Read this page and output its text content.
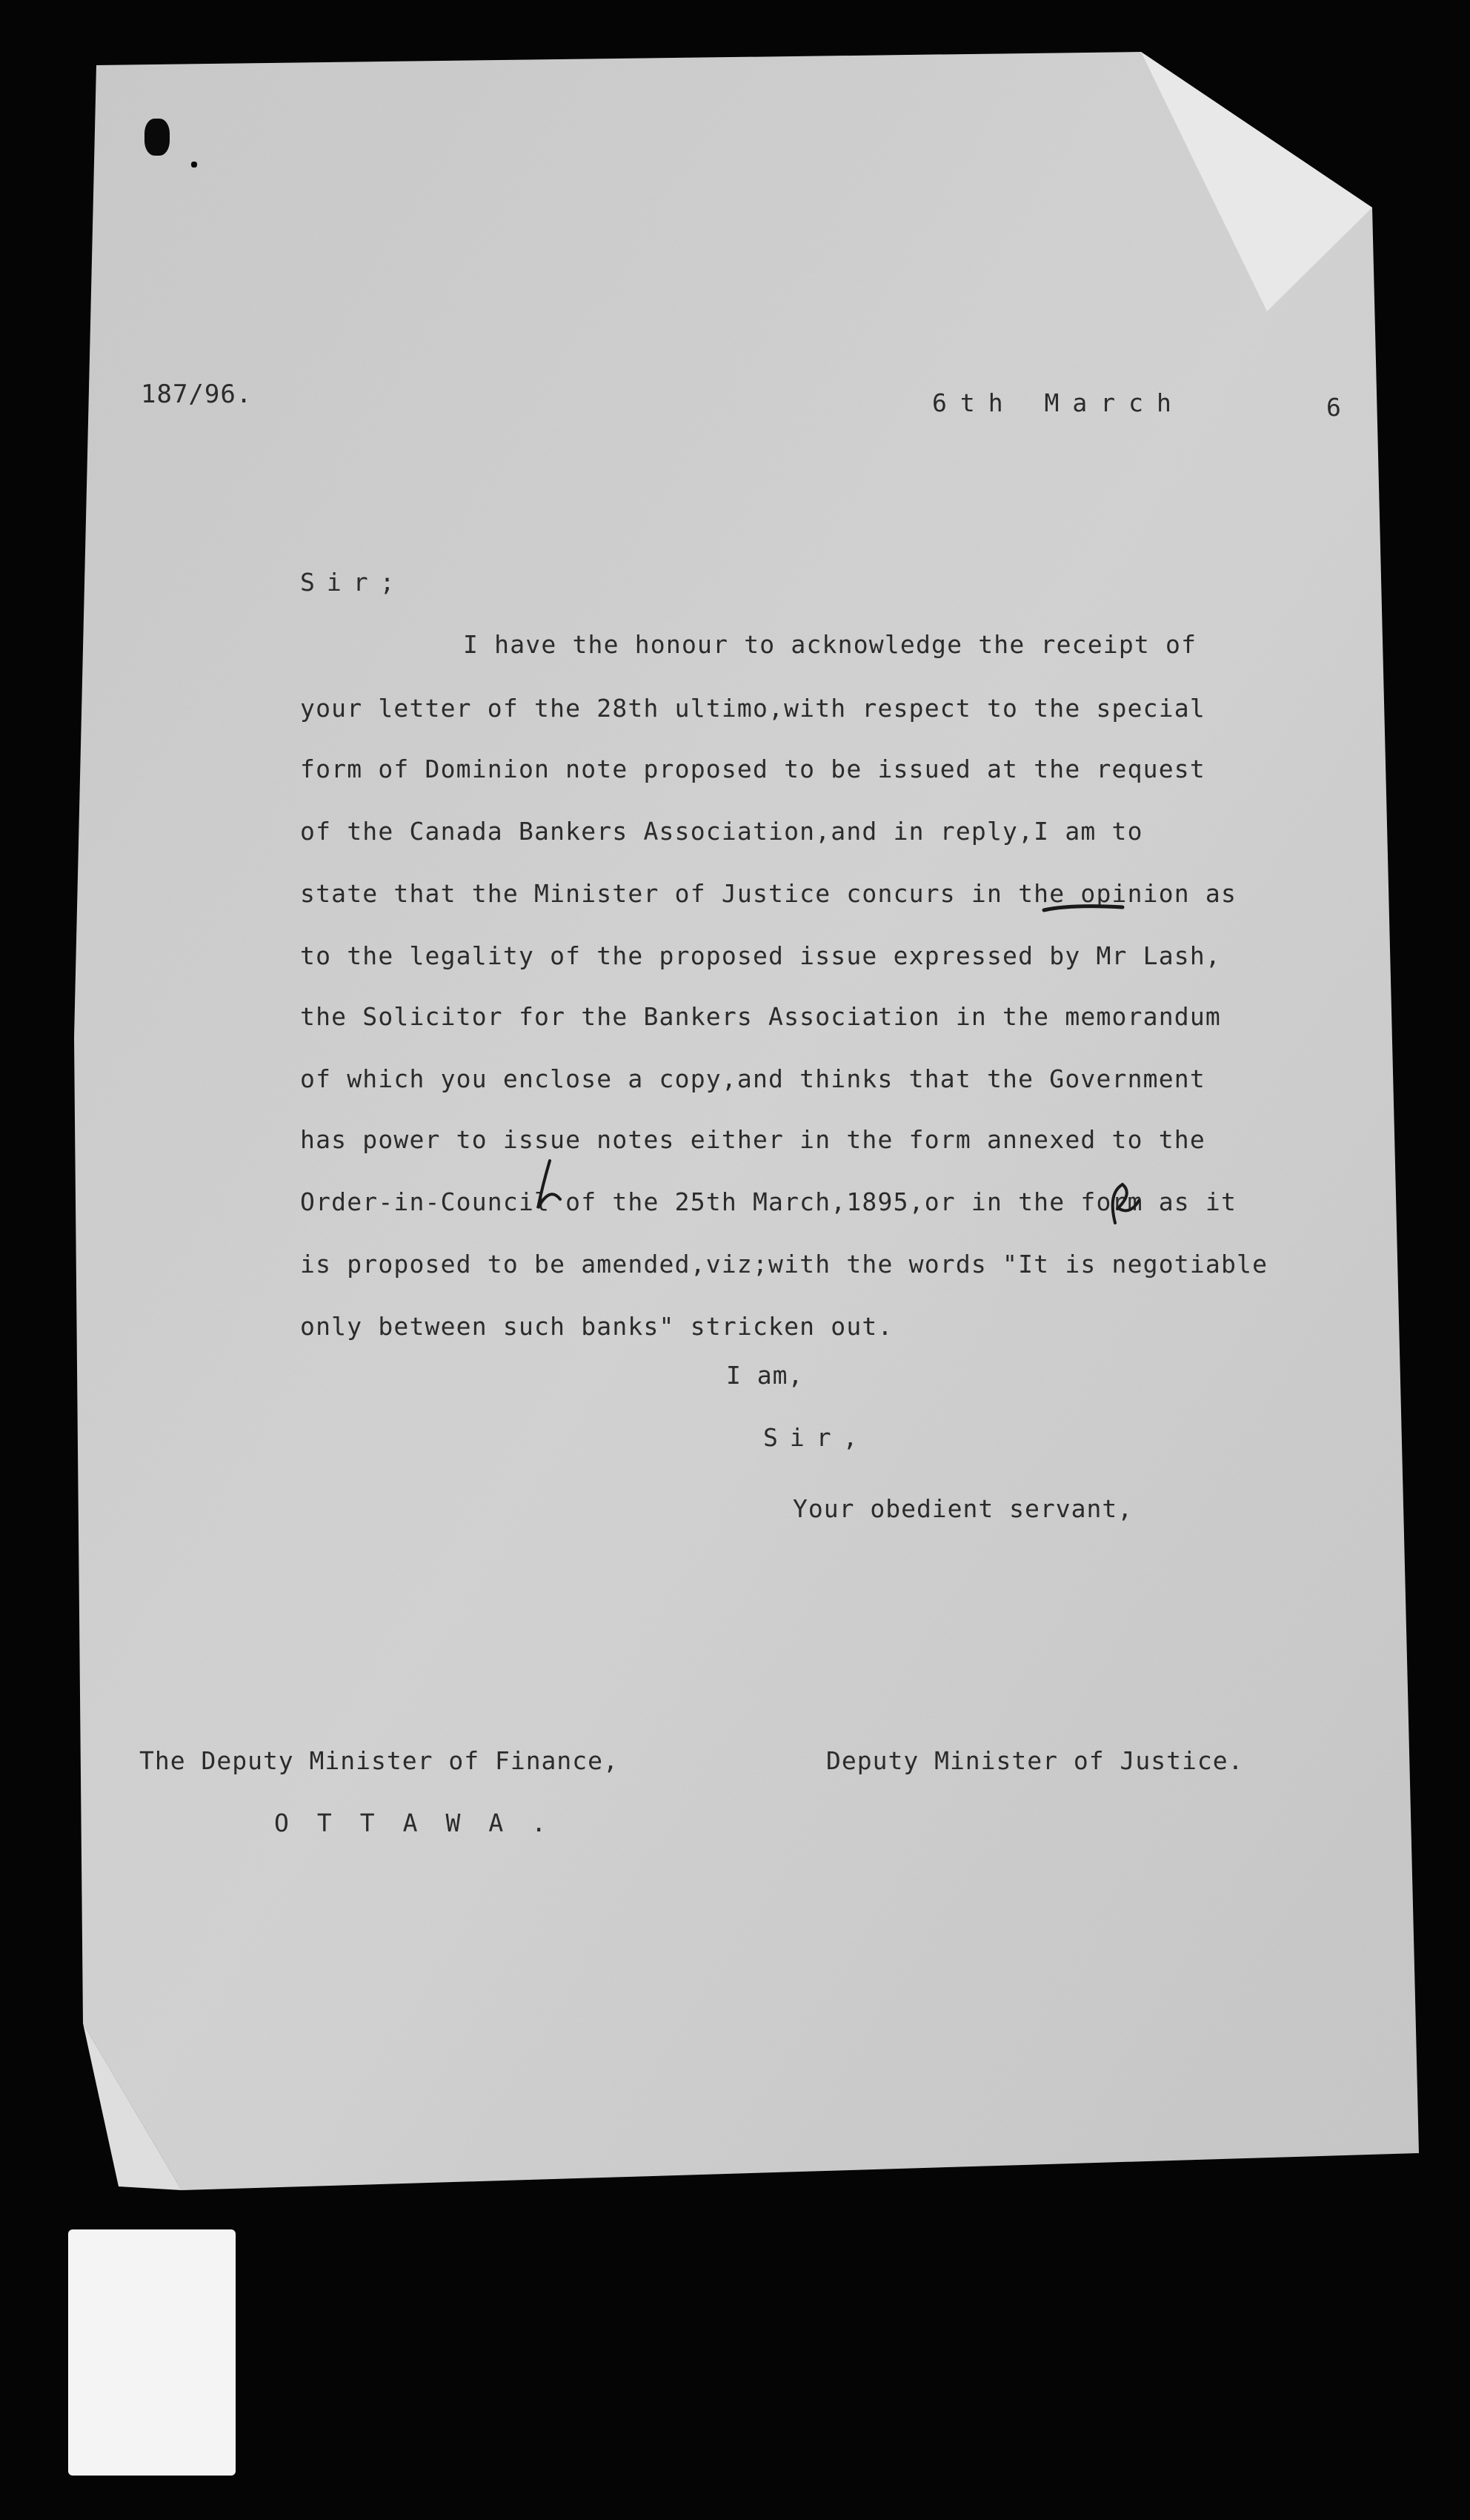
187/96.	6th March	6
Sir;
I have the honour to acknowledge the receipt of
your letter of the 28th ultimo,with respect to the special
form of Dominion note proposed to be issued at the request
of the Canada Bankers Association,and in reply,I am to
state that the Minister of Justice concurs in the opinion as
to the legality of the proposed issue expressed by Mr Lash,
the Solicitor for the Bankers Association in the memorandum
of which you enclose a copy,and thinks that the Government
has power to issue notes either in the form annexed to the
Order-in-Council of the 25th March,1895,or in the form as it
is proposed to be amended,viz;with the words "It is negotiable
only between such banks" stricken out.
I am,
Sir,
Your obedient servant,
The Deputy Minister of Finance,
OTTAWA.
Deputy Minister of Justice.
